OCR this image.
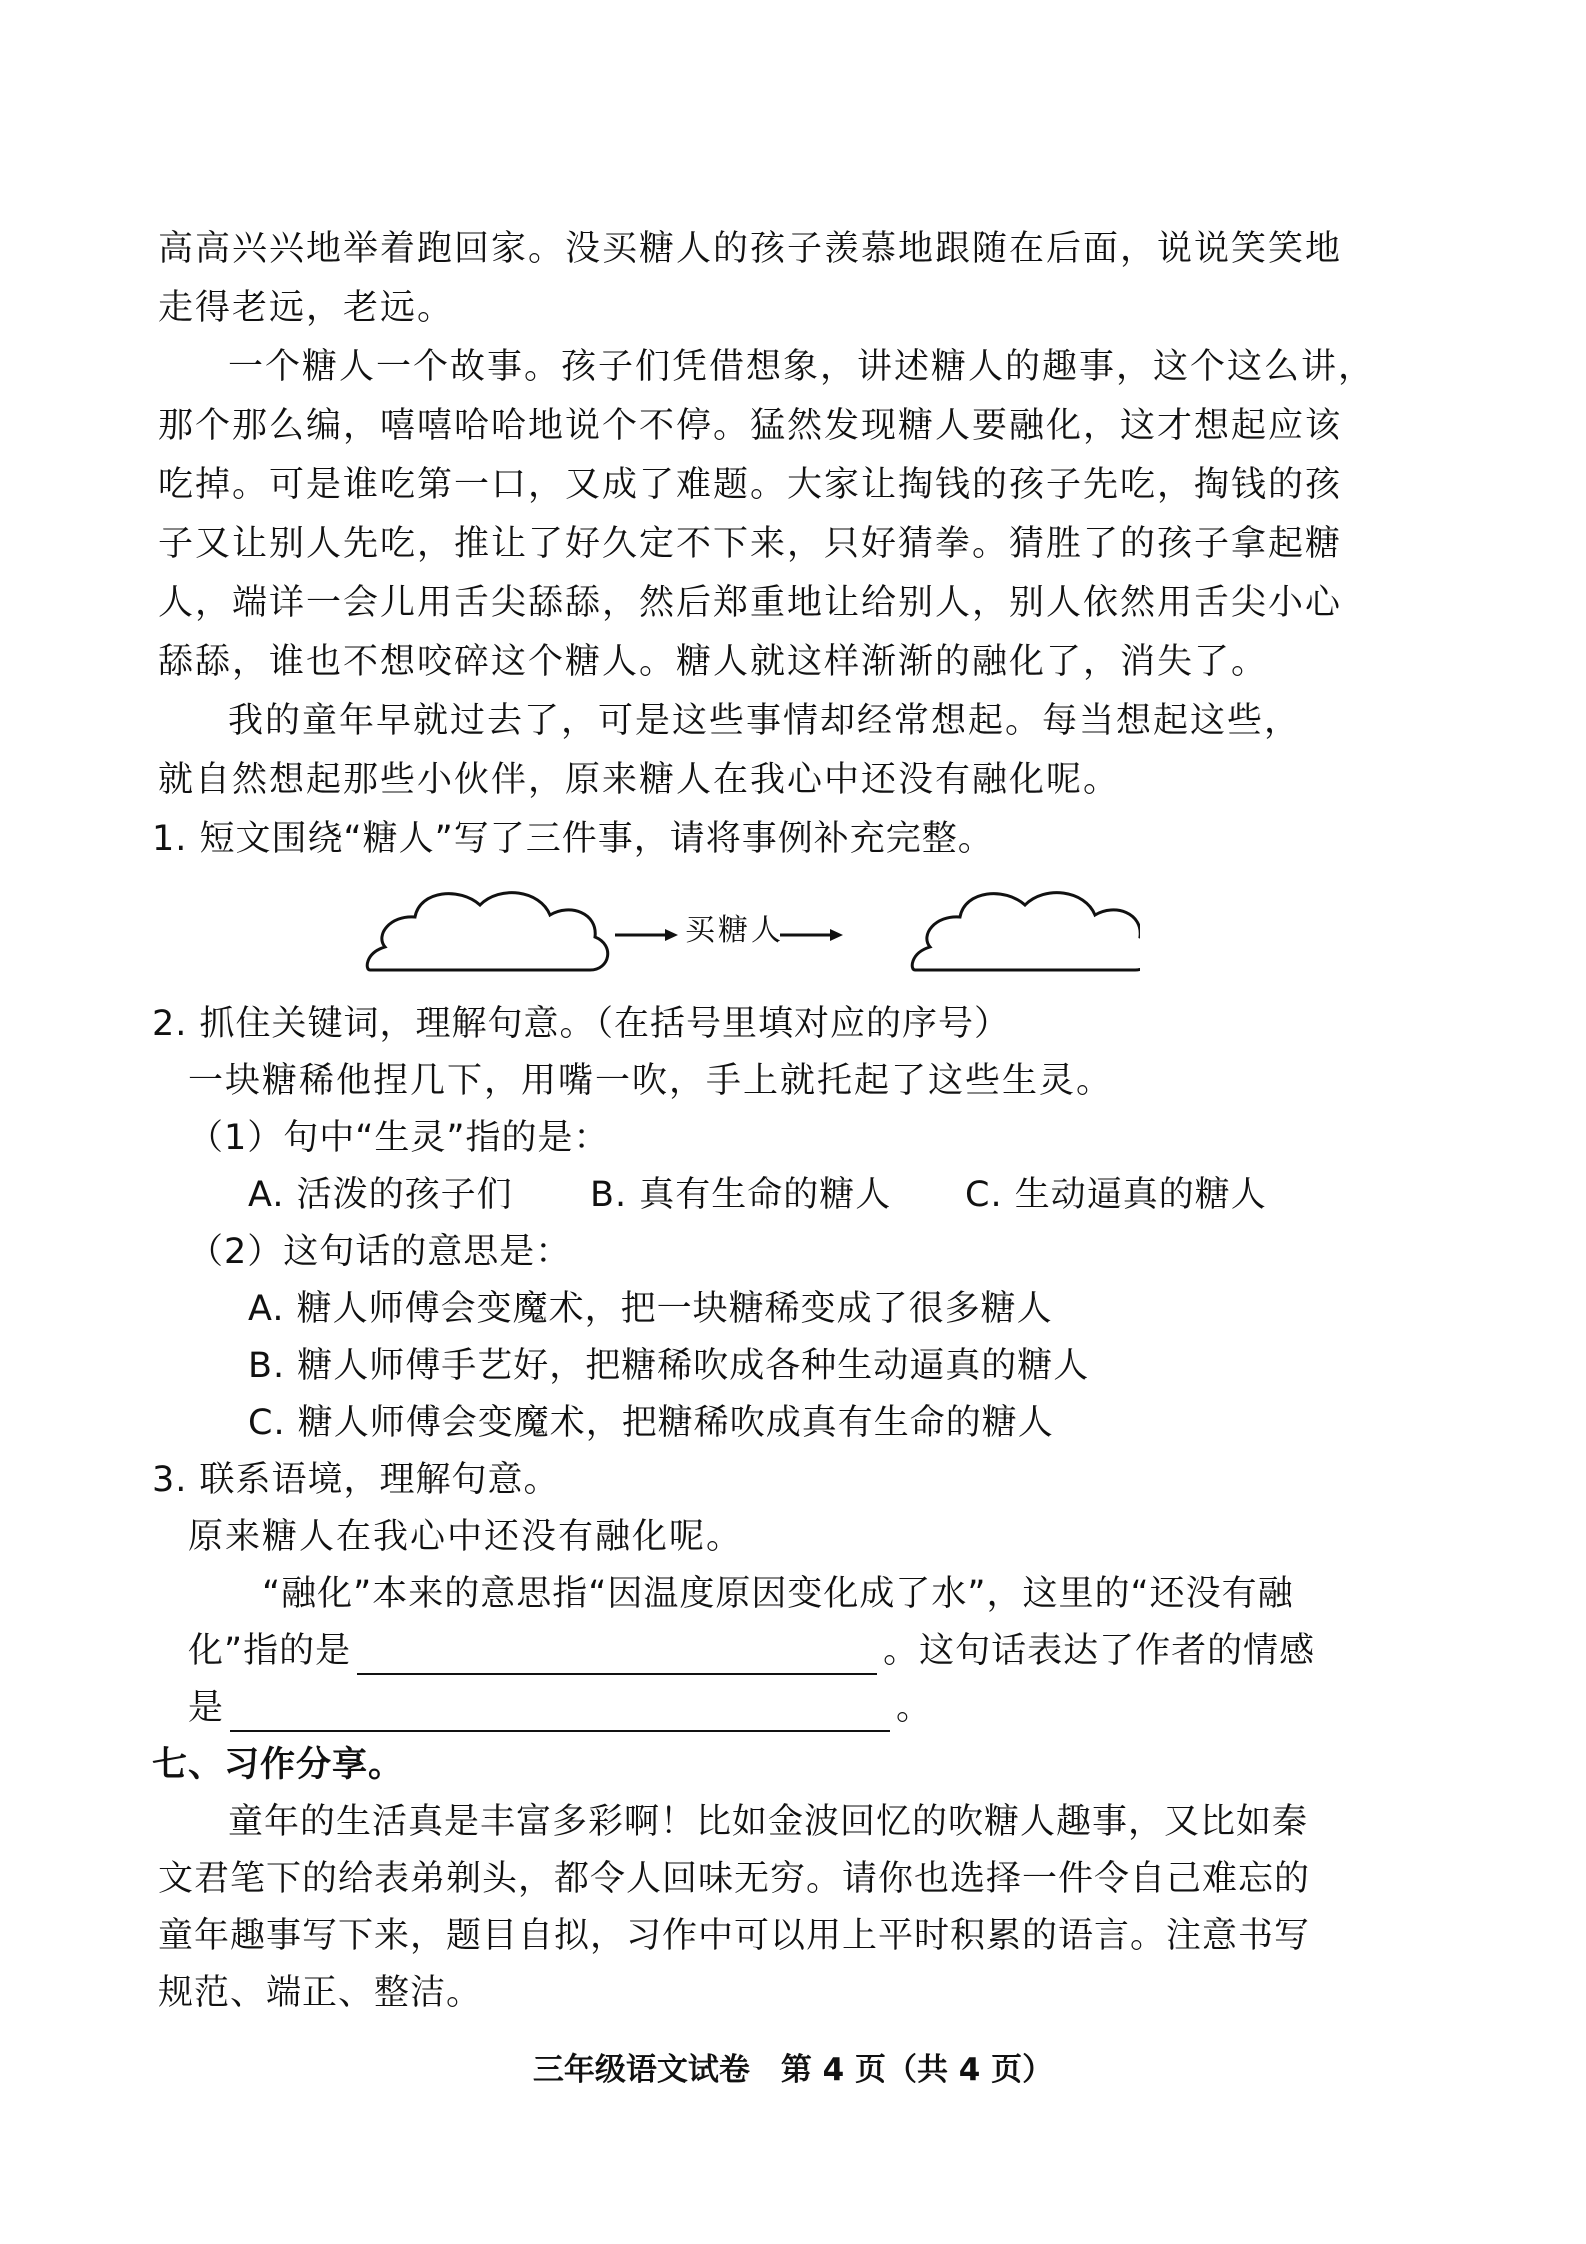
高高兴兴地举着跑回家。没买糖人的孩子羡慕地跟随在后面，说说笑笑地
走得老远，老远。
一个糖人一个故事。孩子们凭借想象，讲述糖人的趣事，这个这么讲，
那个那么编，嘻嘻哈哈地说个不停。猛然发现糖人要融化，这才想起应该
吃掉。可是谁吃第一口，又成了难题。大家让掏钱的孩子先吃，掏钱的孩
子又让别人先吃，推让了好久定不下来，只好猜拳。猜胜了的孩子拿起糖
人，端详一会儿用舌尖舔舔，然后郑重地让给别人，别人依然用舌尖小心
舔舔，谁也不想咬碎这个糖人。糖人就这样渐渐的融化了，消失了。
我的童年早就过去了，可是这些事情却经常想起。每当想起这些，
就自然想起那些小伙伴，原来糖人在我心中还没有融化呢。
1. 短文围绕“糖人”写了三件事，请将事例补充完整。
买糖人
2. 抓住关键词，理解句意。（在括号里填对应的序号）
一块糖稀他捏几下，用嘴一吹，手上就托起了这些生灵。
（1）句中“生灵”指的是：
A. 活泼的孩子们 B. 真有生命的糖人 C. 生动逼真的糖人
（2）这句话的意思是：
A. 糖人师傅会变魔术，把一块糖稀变成了很多糖人
B. 糖人师傅手艺好，把糖稀吹成各种生动逼真的糖人
C. 糖人师傅会变魔术，把糖稀吹成真有生命的糖人
3. 联系语境，理解句意。
原来糖人在我心中还没有融化呢。
“融化”本来的意思指“因温度原因变化成了水”，这里的“还没有融
化”指的是	。这句话表达了作者的情感
是	。
七、习作分享。
童年的生活真是丰富多彩啊！比如金波回忆的吹糖人趣事，又比如秦
文君笔下的给表弟剃头，都令人回味无穷。请你也选择一件令自己难忘的
童年趣事写下来，题目自拟，习作中可以用上平时积累的语言。注意书写
规范、端正、整洁。
三年级语文试卷　第 4 页（共 4 页）
